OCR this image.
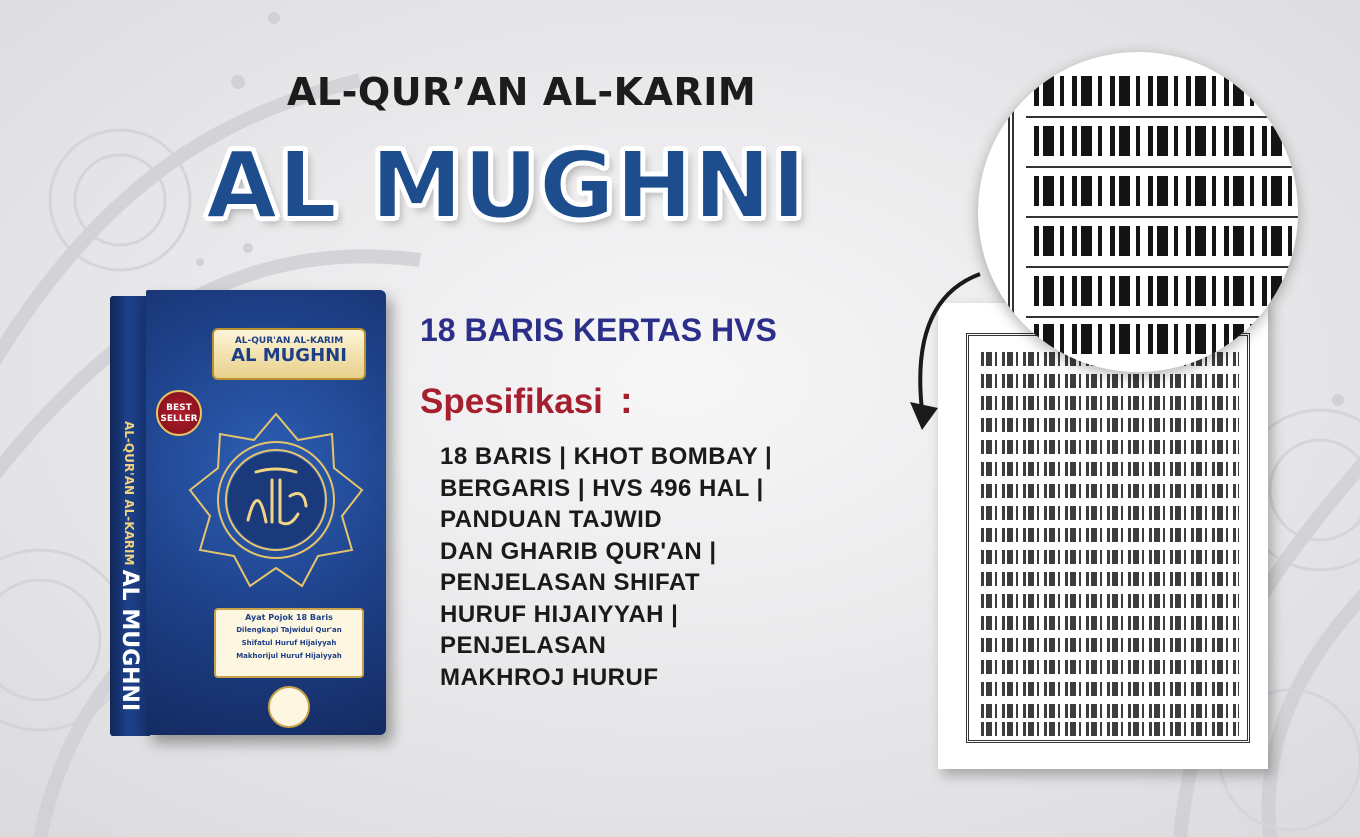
AL-QUR’AN AL-KARIM
AL MUGHNI
AL-QUR'AN AL-KARIM AL MUGHNI
AL-QUR'AN AL-KARIM
AL MUGHNI
BEST
SELLER
Ayat Pojok 18 Baris
Dilengkapi Tajwidul Qur'an
Shifatul Huruf Hijaiyyah
Makhorijul Huruf Hijaiyyah
18 BARIS KERTAS HVS
Spesifikasi :
18 BARIS | KHOT BOMBAY |
BERGARIS | HVS 496 HAL |
PANDUAN TAJWID
DAN GHARIB QUR'AN |
PENJELASAN SHIFAT
HURUF HIJAIYYAH |
PENJELASAN
MAKHROJ HURUF
